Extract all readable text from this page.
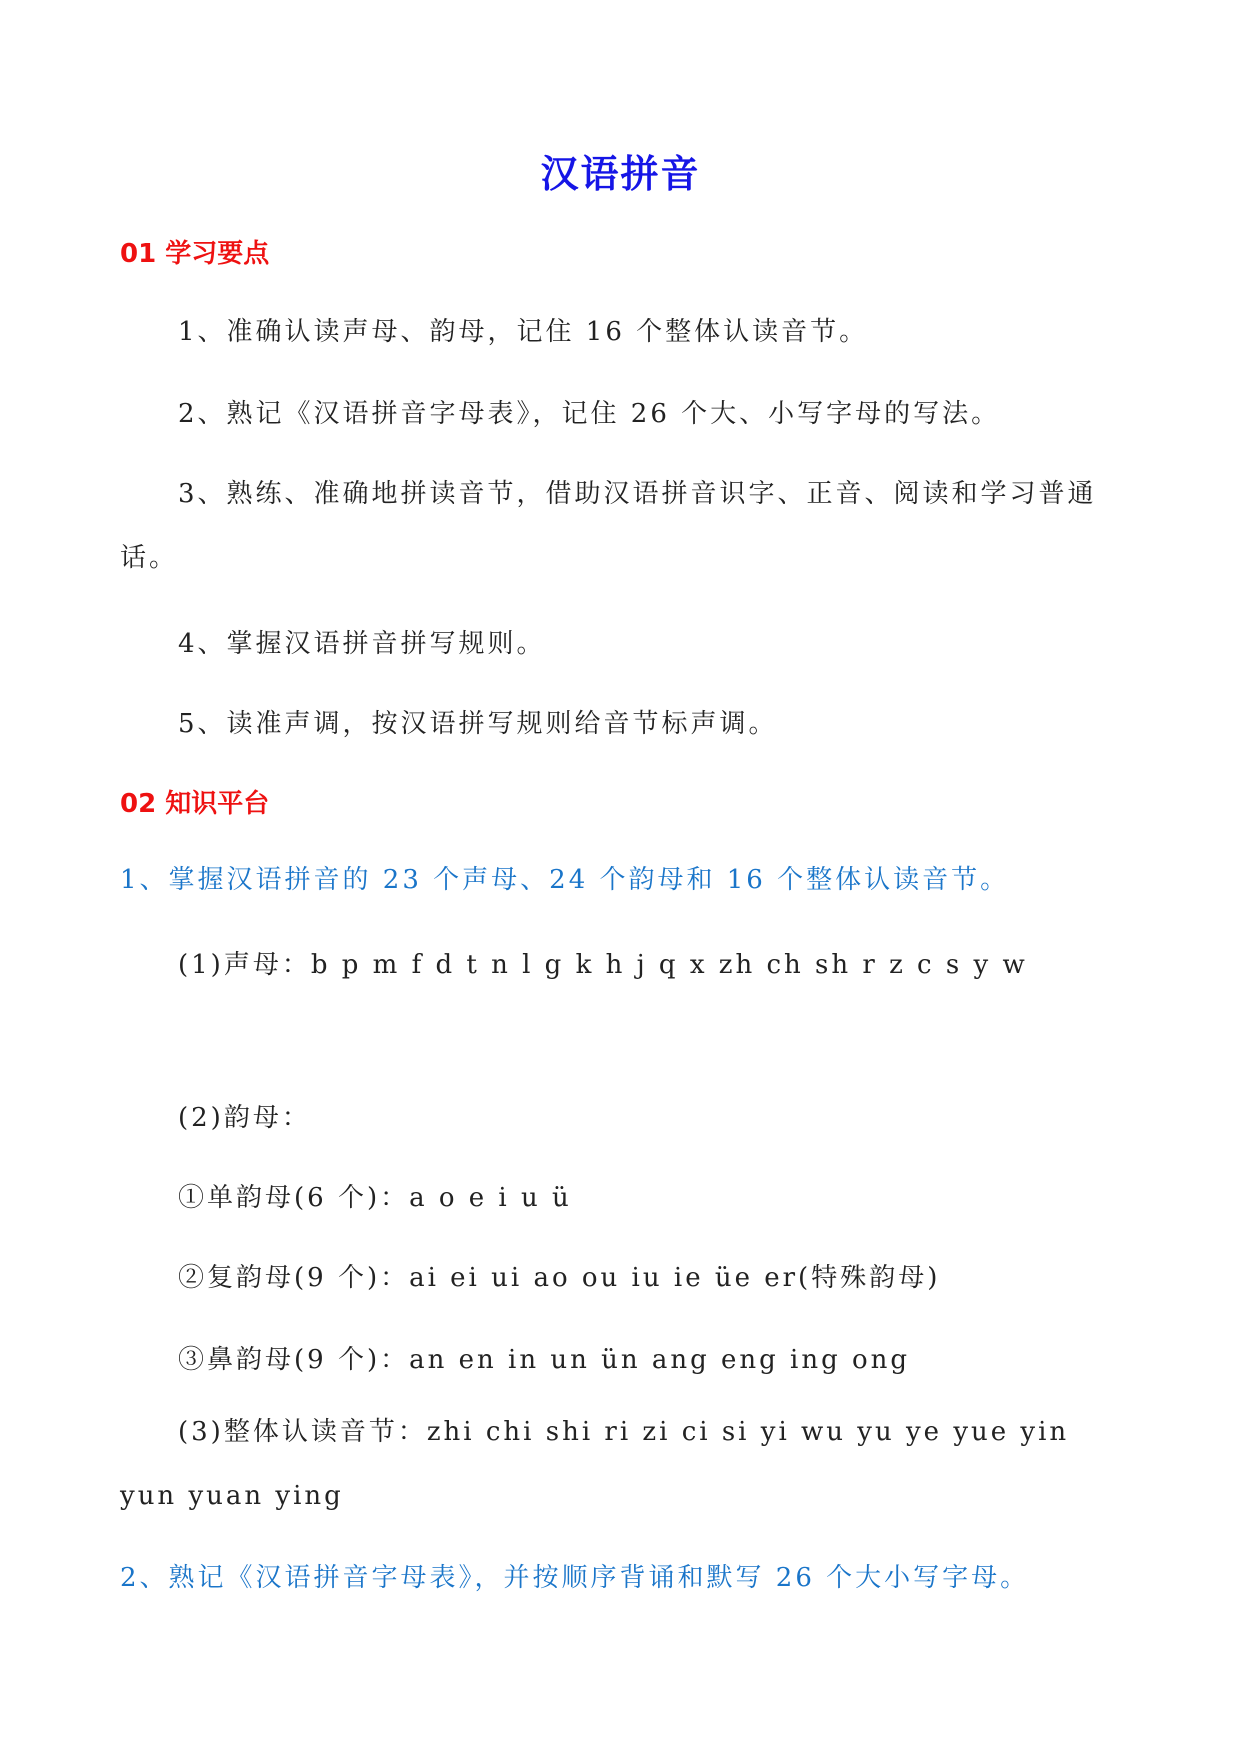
汉语拼音
01 学习要点
1、准确认读声母、韵母，记住 16 个整体认读音节。
2、熟记《汉语拼音字母表》，记住 26 个大、小写字母的写法。
3、熟练、准确地拼读音节，借助汉语拼音识字、正音、阅读和学习普通话。
4、掌握汉语拼音拼写规则。
5、读准声调，按汉语拼写规则给音节标声调。
02 知识平台
1、掌握汉语拼音的 23 个声母、24 个韵母和 16 个整体认读音节。
(1)声母：b p m f d t n l g k h j q x zh ch sh r z c s y w
(2)韵母：
①单韵母(6 个)：a o e i u ü
②复韵母(9 个)：ai ei ui ao ou iu ie üe er(特殊韵母)
③鼻韵母(9 个)：an en in un ün ang eng ing ong
(3)整体认读音节：zhi chi shi ri zi ci si yi wu yu ye yue yin yun yuan ying
2、熟记《汉语拼音字母表》，并按顺序背诵和默写 26 个大小写字母。
